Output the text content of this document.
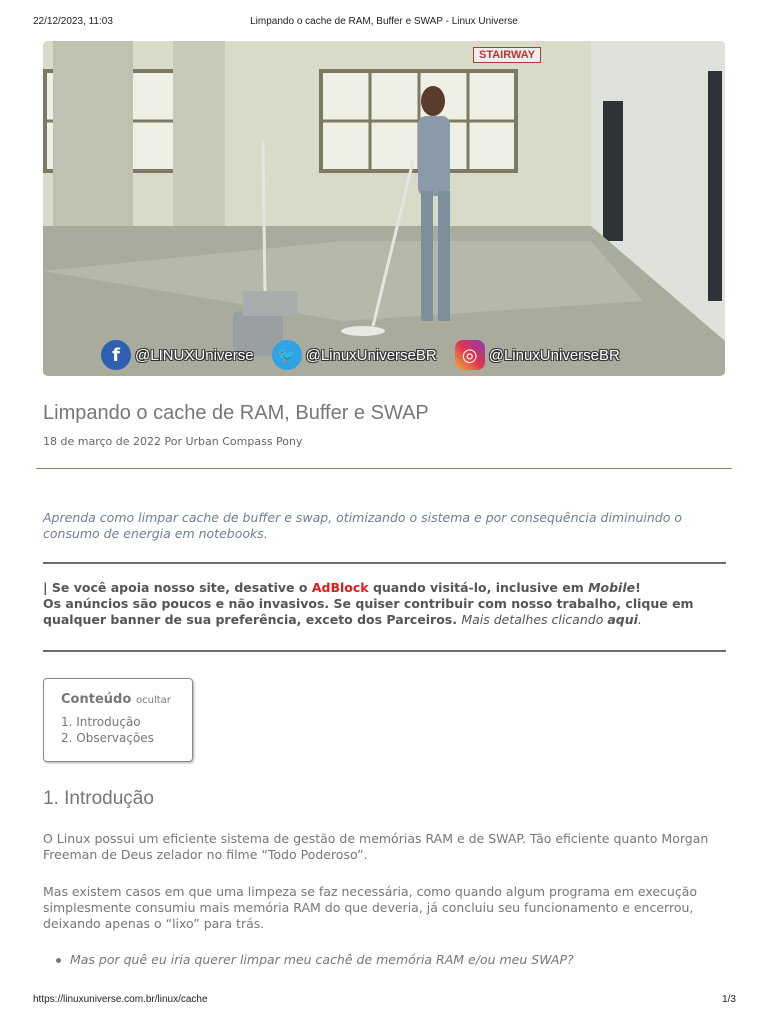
22/12/2023, 11:03	Limpando o cache de RAM, Buffer e SWAP - Linux Universe
STAIRWAY
f	@LINUXUniverse	🐦 @LinuxUniverseBR	◎ @LinuxUniverseBR
Limpando o cache de RAM, Buffer e SWAP
18 de março de 2022 Por Urban Compass Pony
Aprenda como limpar cache de buffer e swap, otimizando o sistema e por consequência diminuindo o consumo de energia em notebooks.
| Se você apoia nosso site, desative o AdBlock quando visitá-lo, inclusive em Mobile!
Os anúncios são poucos e não invasivos. Se quiser contribuir com nosso trabalho, clique em qualquer banner de sua preferência, exceto dos Parceiros. Mais detalhes clicando aqui.
Conteúdo ocultar
1. Introdução
2. Observações
1. Introdução

O Linux possui um eficiente sistema de gestão de memórias RAM e de SWAP. Tão eficiente quanto Morgan Freeman de Deus zelador no filme “Todo Poderoso”.

Mas existem casos em que uma limpeza se faz necessária, como quando algum programa em execução simplesmente consumiu mais memória RAM do que deveria, já concluiu seu funcionamento e encerrou, deixando apenas o “lixo” para trás.

Mas por quê eu iria querer limpar meu cachê de memória RAM e/ou meu SWAP?
https://linuxuniverse.com.br/linux/cache	1/3
